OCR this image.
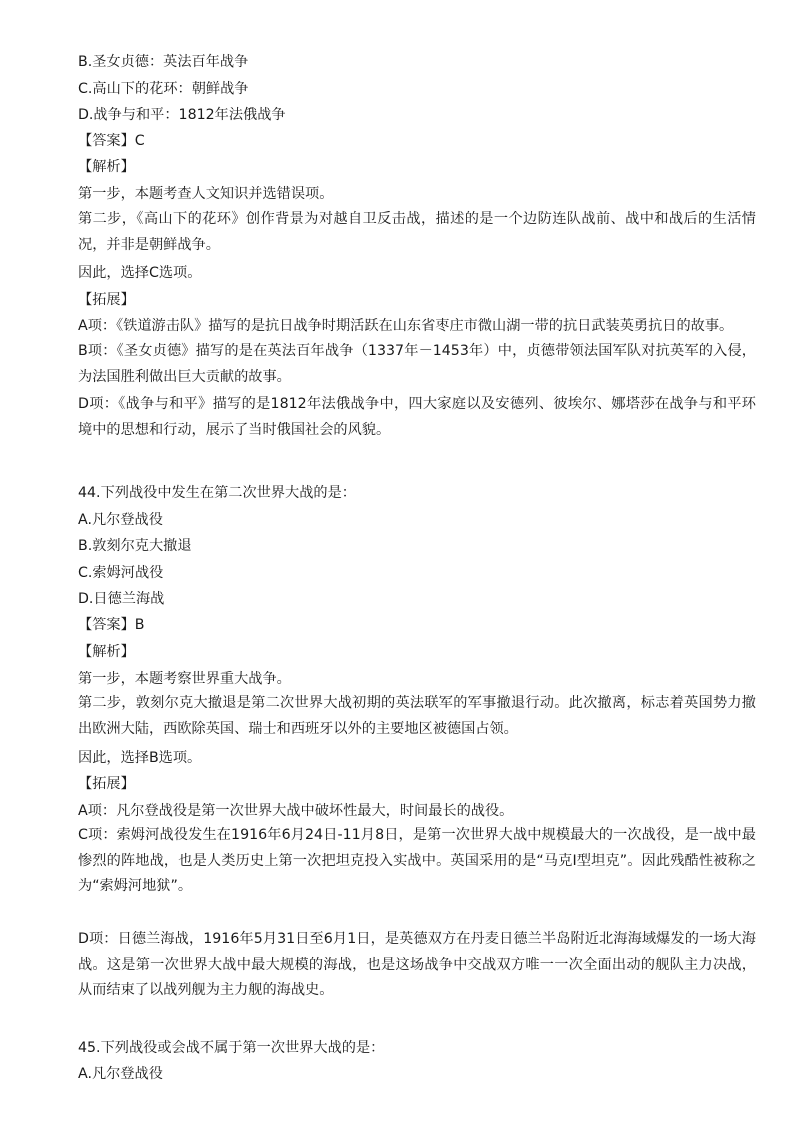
B.圣女贞德：英法百年战争
C.高山下的花环：朝鲜战争
D.战争与和平：1812年法俄战争
【答案】C
【解析】
第一步，本题考查人文知识并选错误项。
第二步，《高山下的花环》创作背景为对越自卫反击战，描述的是一个边防连队战前、战中和战后的生活情况，并非是朝鲜战争。
因此，选择C选项。
【拓展】
A项：《铁道游击队》描写的是抗日战争时期活跃在山东省枣庄市微山湖一带的抗日武装英勇抗日的故事。
B项：《圣女贞德》描写的是在英法百年战争（1337年－1453年）中，贞德带领法国军队对抗英军的入侵，为法国胜利做出巨大贡献的故事。
D项：《战争与和平》描写的是1812年法俄战争中，四大家庭以及安德列、彼埃尔、娜塔莎在战争与和平环境中的思想和行动，展示了当时俄国社会的风貌。
44.下列战役中发生在第二次世界大战的是：
A.凡尔登战役
B.敦刻尔克大撤退
C.索姆河战役
D.日德兰海战
【答案】B
【解析】
第一步，本题考察世界重大战争。
第二步，敦刻尔克大撤退是第二次世界大战初期的英法联军的军事撤退行动。此次撤离，标志着英国势力撤出欧洲大陆，西欧除英国、瑞士和西班牙以外的主要地区被德国占领。
因此，选择B选项。
【拓展】
A项：凡尔登战役是第一次世界大战中破坏性最大，时间最长的战役。
C项：索姆河战役发生在1916年6月24日-11月8日，是第一次世界大战中规模最大的一次战役，是一战中最惨烈的阵地战，也是人类历史上第一次把坦克投入实战中。英国采用的是“马克Ⅰ型坦克”。因此残酷性被称之为“索姆河地狱”。
D项：日德兰海战，1916年5月31日至6月1日，是英德双方在丹麦日德兰半岛附近北海海域爆发的一场大海战。这是第一次世界大战中最大规模的海战，也是这场战争中交战双方唯一一次全面出动的舰队主力决战，从而结束了以战列舰为主力舰的海战史。
45.下列战役或会战不属于第一次世界大战的是：
A.凡尔登战役
